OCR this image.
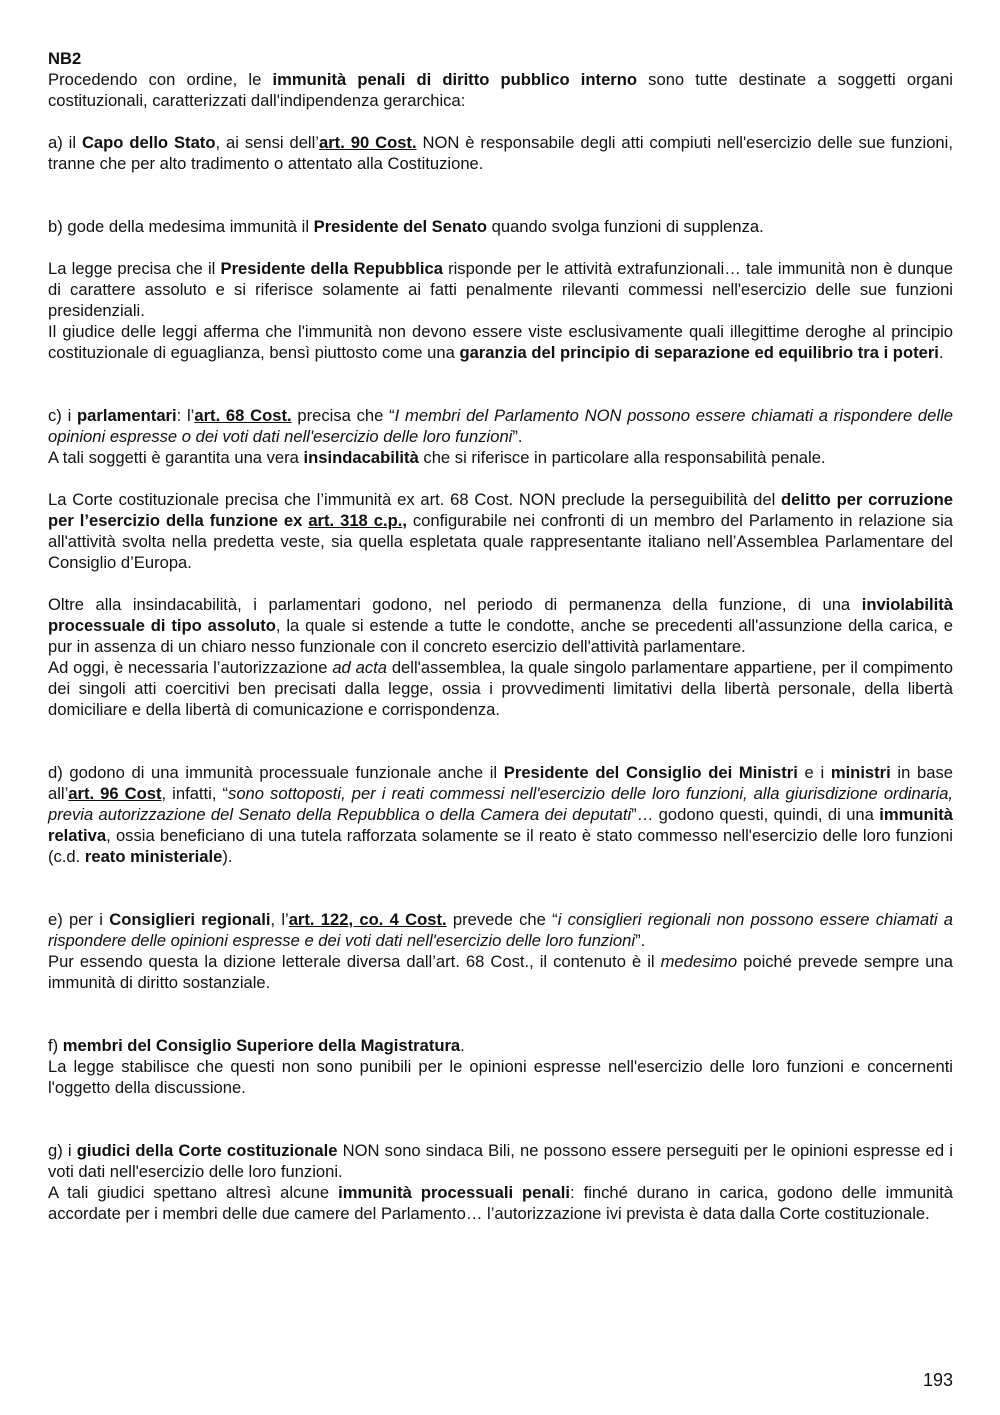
NB2

Procedendo con ordine, le immunità penali di diritto pubblico interno sono tutte destinate a soggetti organi costituzionali, caratterizzati dall'indipendenza gerarchica:

a) il Capo dello Stato, ai sensi dell’art. 90 Cost. NON è responsabile degli atti compiuti nell'esercizio delle sue funzioni, tranne che per alto tradimento o attentato alla Costituzione.

b) gode della medesima immunità il Presidente del Senato quando svolga funzioni di supplenza.

La legge precisa che il Presidente della Repubblica risponde per le attività extrafunzionali… tale immunità non è dunque di carattere assoluto e si riferisce solamente ai fatti penalmente rilevanti commessi nell'esercizio delle sue funzioni presidenziali.

Il giudice delle leggi afferma che l'immunità non devono essere viste esclusivamente quali illegittime deroghe al principio costituzionale di eguaglianza, bensì piuttosto come una garanzia del principio di separazione ed equilibrio tra i poteri.

c) i parlamentari: l’art. 68 Cost. precisa che “I membri del Parlamento NON possono essere chiamati a rispondere delle opinioni espresse o dei voti dati nell'esercizio delle loro funzioni”.

A tali soggetti è garantita una vera insindacabilità che si riferisce in particolare alla responsabilità penale.

La Corte costituzionale precisa che l’immunità ex art. 68 Cost. NON preclude la perseguibilità del delitto per corruzione per l’esercizio della funzione ex art. 318 c.p., configurabile nei confronti di un membro del Parlamento in relazione sia all'attività svolta nella predetta veste, sia quella espletata quale rappresentante italiano nell’Assemblea Parlamentare del Consiglio d’Europa.

Oltre alla insindacabilità, i parlamentari godono, nel periodo di permanenza della funzione, di una inviolabilità processuale di tipo assoluto, la quale si estende a tutte le condotte, anche se precedenti all'assunzione della carica, e pur in assenza di un chiaro nesso funzionale con il concreto esercizio dell'attività parlamentare.

Ad oggi, è necessaria l’autorizzazione ad acta dell'assemblea, la quale singolo parlamentare appartiene, per il compimento dei singoli atti coercitivi ben precisati dalla legge, ossia i provvedimenti limitativi della libertà personale, della libertà domiciliare e della libertà di comunicazione e corrispondenza.

d) godono di una immunità processuale funzionale anche il Presidente del Consiglio dei Ministri e i ministri in base all’art. 96 Cost, infatti, “sono sottoposti, per i reati commessi nell'esercizio delle loro funzioni, alla giurisdizione ordinaria, previa autorizzazione del Senato della Repubblica o della Camera dei deputati”… godono questi, quindi, di una immunità relativa, ossia beneficiano di una tutela rafforzata solamente se il reato è stato commesso nell'esercizio delle loro funzioni (c.d. reato ministeriale).

e) per i Consiglieri regionali, l’art. 122, co. 4 Cost. prevede che “i consiglieri regionali non possono essere chiamati a rispondere delle opinioni espresse e dei voti dati nell'esercizio delle loro funzioni”.

Pur essendo questa la dizione letterale diversa dall’art. 68 Cost., il contenuto è il medesimo poiché prevede sempre una immunità di diritto sostanziale.

f) membri del Consiglio Superiore della Magistratura.

La legge stabilisce che questi non sono punibili per le opinioni espresse nell'esercizio delle loro funzioni e concernenti l'oggetto della discussione.

g) i giudici della Corte costituzionale NON sono sindaca Bili, ne possono essere perseguiti per le opinioni espresse ed i voti dati nell'esercizio delle loro funzioni.

A tali giudici spettano altresì alcune immunità processuali penali: finché durano in carica, godono delle immunità accordate per i membri delle due camere del Parlamento… l’autorizzazione ivi prevista è data dalla Corte costituzionale.

193
